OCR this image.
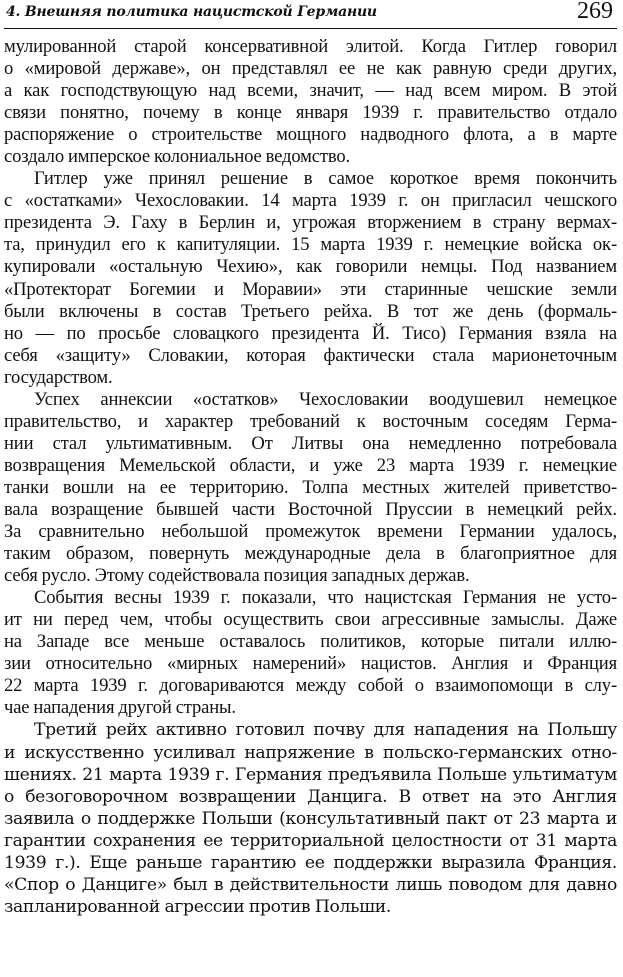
4. Внешняя политика нацистской Германии	269
мулированной старой консервативной элитой. Когда Гитлер говорил
о «мировой державе», он представлял ее не как равную среди других,
а как господствующую над всеми, значит, — над всем миром. В этой
связи понятно, почему в конце января 1939 г. правительство отдало
распоряжение о строительстве мощного надводного флота, а в марте
создало имперское колониальное ведомство.
Гитлер уже принял решение в самое короткое время покончить
с «остатками» Чехословакии. 14 марта 1939 г. он пригласил чешского
президента Э. Гаху в Берлин и, угрожая вторжением в страну вермах-
та, принудил его к капитуляции. 15 марта 1939 г. немецкие войска ок-
купировали «остальную Чехию», как говорили немцы. Под названием
«Протекторат Богемии и Моравии» эти старинные чешские земли
были включены в состав Третьего рейха. В тот же день (формаль-
но — по просьбе словацкого президента Й. Тисо) Германия взяла на
себя «защиту» Словакии, которая фактически стала марионеточным
государством.
Успех аннексии «остатков» Чехословакии воодушевил немецкое
правительство, и характер требований к восточным соседям Герма-
нии стал ультимативным. От Литвы она немедленно потребовала
возвращения Мемельской области, и уже 23 марта 1939 г. немецкие
танки вошли на ее территорию. Толпа местных жителей приветство-
вала возращение бывшей части Восточной Пруссии в немецкий рейх.
За сравнительно небольшой промежуток времени Германии удалось,
таким образом, повернуть международные дела в благоприятное для
себя русло. Этому содействовала позиция западных держав.
События весны 1939 г. показали, что нацистская Германия не усто-
ит ни перед чем, чтобы осуществить свои агрессивные замыслы. Даже
на Западе все меньше оставалось политиков, которые питали иллю-
зии относительно «мирных намерений» нацистов. Англия и Франция
22 марта 1939 г. договариваются между собой о взаимопомощи в слу-
чае нападения другой страны.
Третий рейх активно готовил почву для нападения на Польшу
и искусственно усиливал напряжение в польско-германских отно-
шениях. 21 марта 1939 г. Германия предъявила Польше ультиматум
о безоговорочном возвращении Данцига. В ответ на это Англия
заявила о поддержке Польши (консультативный пакт от 23 марта и
гарантии сохранения ее территориальной целостности от 31 марта
1939 г.). Еще раньше гарантию ее поддержки выразила Франция.
«Спор о Данциге» был в действительности лишь поводом для давно
запланированной агрессии против Польши.
